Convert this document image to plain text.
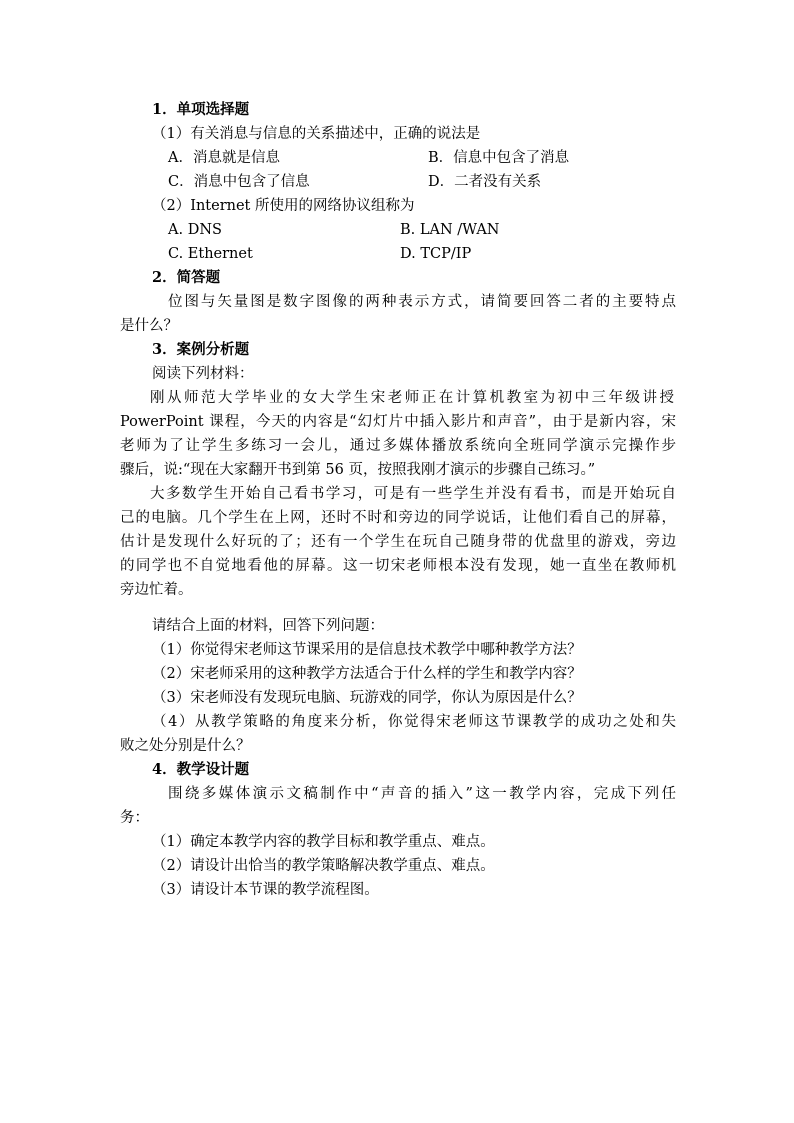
1．单项选择题
（1）有关消息与信息的关系描述中，正确的说法是
A．消息就是信息	B．信息中包含了消息
C．消息中包含了信息	D．二者没有关系
（2）Internet 所使用的网络协议组称为
A. DNS	B. LAN /WAN
C. Ethernet	D. TCP/IP
2．简答题
位图与矢量图是数字图像的两种表示方式，请简要回答二者的主要特点
是什么？
3．案例分析题
阅读下列材料：
刚从师范大学毕业的女大学生宋老师正在计算机教室为初中三年级讲授
PowerPoint 课程，今天的内容是“幻灯片中插入影片和声音”，由于是新内容，宋
老师为了让学生多练习一会儿，通过多媒体播放系统向全班同学演示完操作步
骤后，说:“现在大家翻开书到第 56 页，按照我刚才演示的步骤自己练习。”
大多数学生开始自己看书学习，可是有一些学生并没有看书，而是开始玩自
己的电脑。几个学生在上网，还时不时和旁边的同学说话，让他们看自己的屏幕，
估计是发现什么好玩的了；还有一个学生在玩自己随身带的优盘里的游戏，旁边
的同学也不自觉地看他的屏幕。这一切宋老师根本没有发现，她一直坐在教师机
旁边忙着。
请结合上面的材料，回答下列问题：
（1）你觉得宋老师这节课采用的是信息技术教学中哪种教学方法？
（2）宋老师采用的这种教学方法适合于什么样的学生和教学内容？
（3）宋老师没有发现玩电脑、玩游戏的同学，你认为原因是什么？
（4）从教学策略的角度来分析，你觉得宋老师这节课教学的成功之处和失
败之处分别是什么？
4．教学设计题
围绕多媒体演示文稿制作中“声音的插入”这一教学内容，完成下列任
务：
（1）确定本教学内容的教学目标和教学重点、难点。
（2）请设计出恰当的教学策略解决教学重点、难点。
（3）请设计本节课的教学流程图。
